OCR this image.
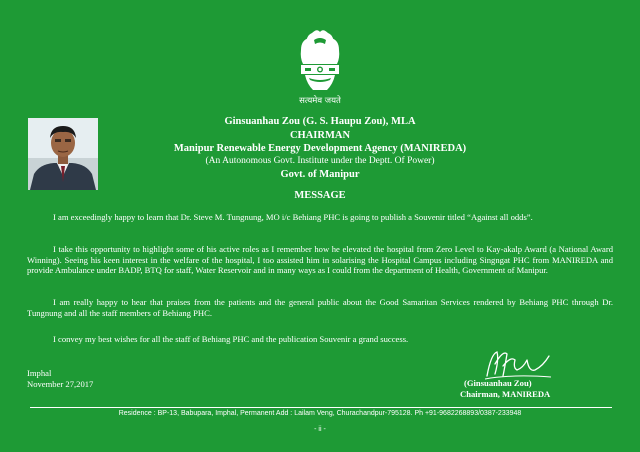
सत्यमेव जयते
Ginsuanhau Zou (G. S. Haupu Zou), MLA
CHAIRMAN
Manipur Renewable Energy Development Agency (MANIREDA)
(An Autonomous Govt. Institute under the Deptt. Of Power)
Govt. of Manipur
MESSAGE
I am exceedingly happy to learn that Dr. Steve M. Tungnung, MO i/c Behiang PHC is going to publish a Souvenir titled “Against all odds”.
I take this opportunity to highlight some of his active roles as I remember how he elevated the hospital from Zero Level to Kay-akalp Award (a National Award Winning). Seeing his keen interest in the welfare of the hospital, I too assisted him in solarising the Hospital Campus including Singngat PHC from MANIREDA and provide Ambulance under BADP, BTQ for staff, Water Reservoir and in many ways as I could from the department of Health, Government of Manipur.
I am really happy to hear that praises from the patients and the general public about the Good Samaritan Services rendered by Behiang PHC through Dr. Tungnung and all the staff members of Behiang PHC.
I convey my best wishes for all the staff of Behiang PHC and the publication Souvenir a grand success.
Imphal
November 27,2017	(Ginsuanhau Zou)
Chairman, MANIREDA
Residence : BP-13, Babupara, Imphal, Permanent Add : Lailam Veng, Churachandpur-795128. Ph +91-9682268893/0387-233948
- ii -
